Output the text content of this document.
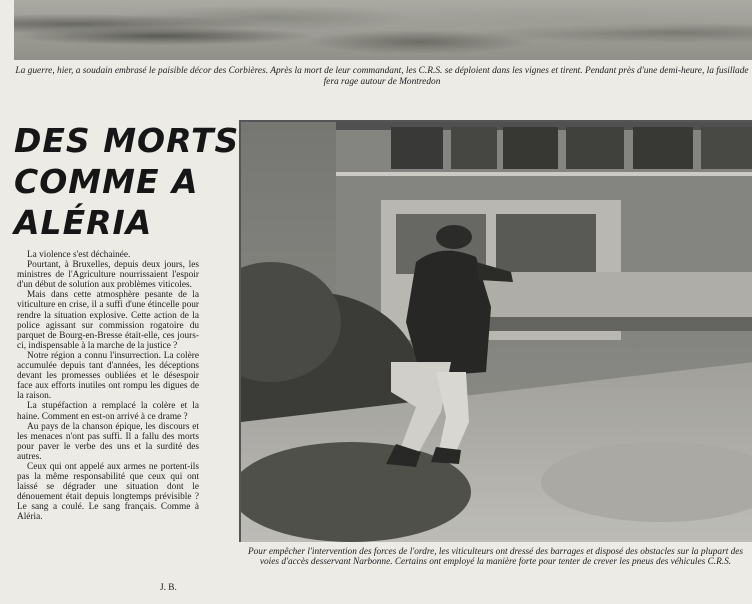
La guerre, hier, a soudain embrasé le paisible décor des Corbières. Après la mort de leur commandant, les C.R.S. se déploient dans les vignes et tirent. Pendant près d'une demi-heure, la fusillade fera rage autour de Montredon
DES MORTS
COMME A
ALÉRIA

La violence s'est déchainée.

Pourtant, à Bruxelles, depuis deux jours, les ministres de l'Agriculture nourrissaient l'espoir d'un début de solution aux problèmes viticoles.

Mais dans cette atmosphère pesante de la viticulture en crise, il a suffi d'une étincelle pour rendre la situation explosive. Cette action de la police agissant sur commission rogatoire du parquet de Bourg-en-Bresse était-elle, ces jours-ci, indispensable à la marche de la justice ?

Notre région a connu l'insurrection. La colère accumulée depuis tant d'années, les déceptions devant les promesses oubliées et le désespoir face aux efforts inutiles ont rompu les digues de la raison.

La stupéfaction a remplacé la colère et la haine. Comment en est-on arrivé à ce drame ?

Au pays de la chanson épique, les discours et les menaces n'ont pas suffi. Il a fallu des morts pour paver le verbe des uns et la surdité des autres.

Ceux qui ont appelé aux armes ne portent-ils pas la même responsabilité que ceux qui ont laissé se dégrader une situation dont le dénouement était depuis longtemps prévisible ? Le sang a coulé. Le sang français. Comme à Aléria.

J. B.
Pour empêcher l'intervention des forces de l'ordre, les viticulteurs ont dressé des barrages et disposé des obstacles sur la plupart des voies d'accès desservant Narbonne. Certains ont employé la manière forte pour tenter de crever les pneus des véhicules C.R.S.
